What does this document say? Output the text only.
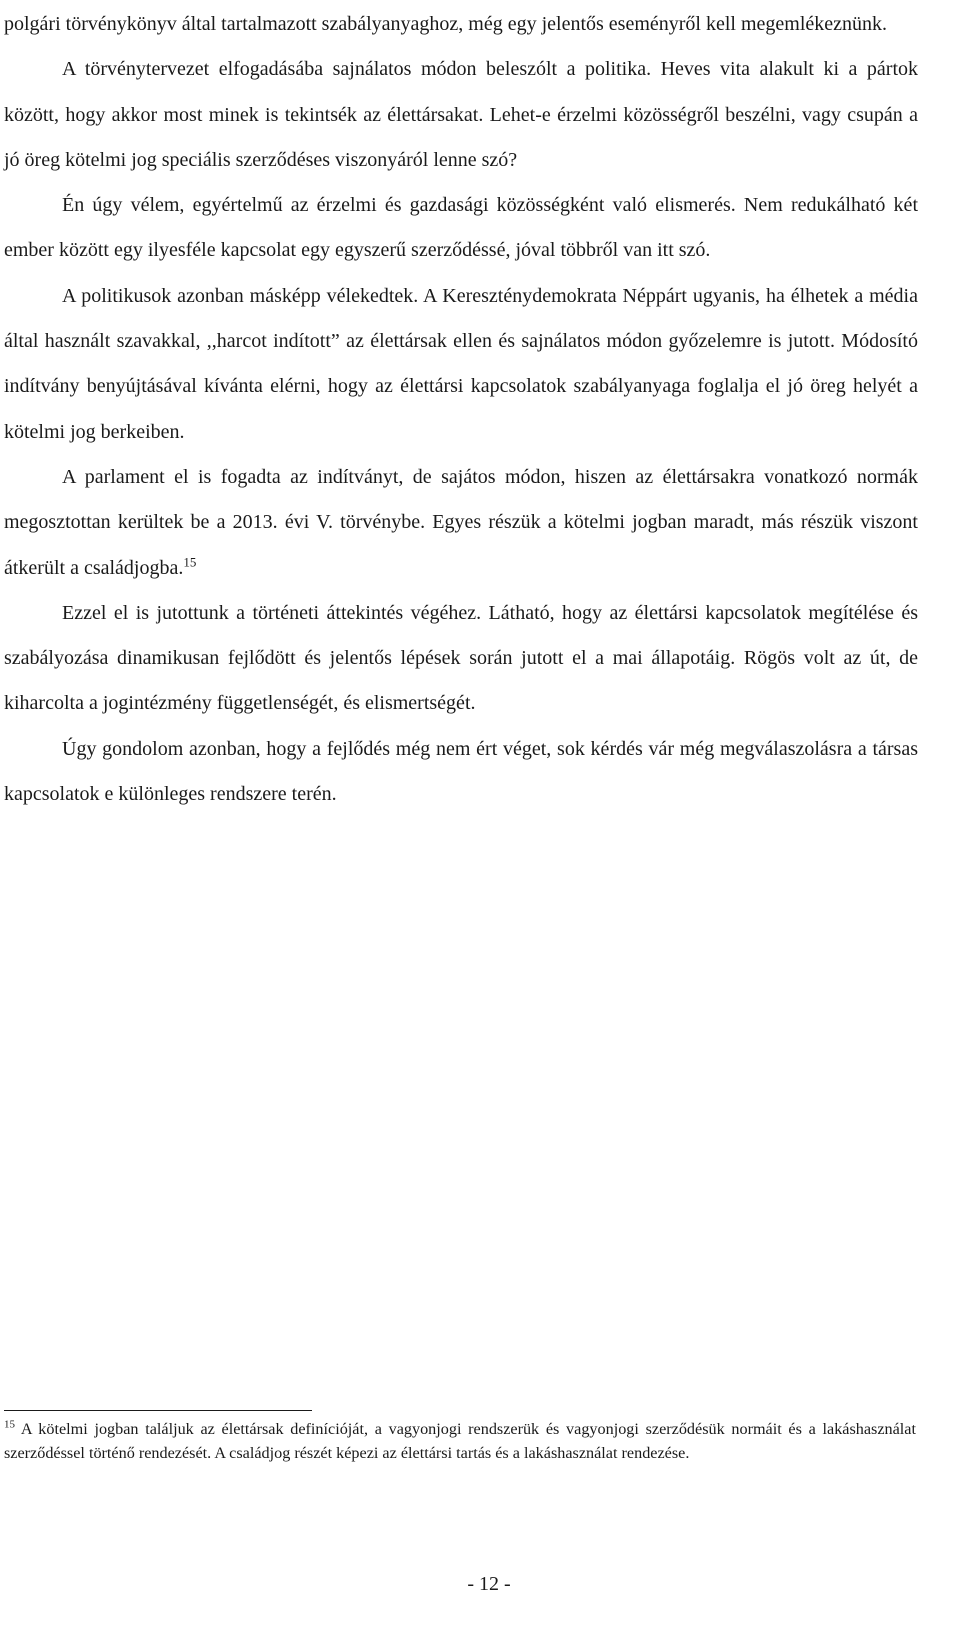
polgári törvénykönyv által tartalmazott szabályanyaghoz, még egy jelentős eseményről kell megemlékeznünk.

A törvénytervezet elfogadásába sajnálatos módon beleszólt a politika. Heves vita alakult ki a pártok között, hogy akkor most minek is tekintsék az élettársakat. Lehet-e érzelmi közösségről beszélni, vagy csupán a jó öreg kötelmi jog speciális szerződéses viszonyáról lenne szó?

Én úgy vélem, egyértelmű az érzelmi és gazdasági közösségként való elismerés. Nem redukálható két ember között egy ilyesféle kapcsolat egy egyszerű szerződéssé, jóval többről van itt szó.

A politikusok azonban másképp vélekedtek. A Kereszténydemokrata Néppárt ugyanis, ha élhetek a média által használt szavakkal, ,,harcot indított” az élettársak ellen és sajnálatos módon győzelemre is jutott. Módosító indítvány benyújtásával kívánta elérni, hogy az élettársi kapcsolatok szabályanyaga foglalja el jó öreg helyét a kötelmi jog berkeiben.

A parlament el is fogadta az indítványt, de sajátos módon, hiszen az élettársakra vonatkozó normák megosztottan kerültek be a 2013. évi V. törvénybe. Egyes részük a kötelmi jogban maradt, más részük viszont átkerült a családjogba.$^{15}$

Ezzel el is jutottunk a történeti áttekintés végéhez. Látható, hogy az élettársi kapcsolatok megítélése és szabályozása dinamikusan fejlődött és jelentős lépések során jutott el a mai állapotáig. Rögös volt az út, de kiharcolta a jogintézmény függetlenségét, és elismertségét.

Úgy gondolom azonban, hogy a fejlődés még nem ért véget, sok kérdés vár még megválaszolásra a társas kapcsolatok e különleges rendszere terén.

$^{15}$ A kötelmi jogban találjuk az élettársak definícióját, a vagyonjogi rendszerük és vagyonjogi szerződésük normáit és a lakáshasználat szerződéssel történő rendezését. A családjog részét képezi az élettársi tartás és a lakáshasználat rendezése.
- 12 -
